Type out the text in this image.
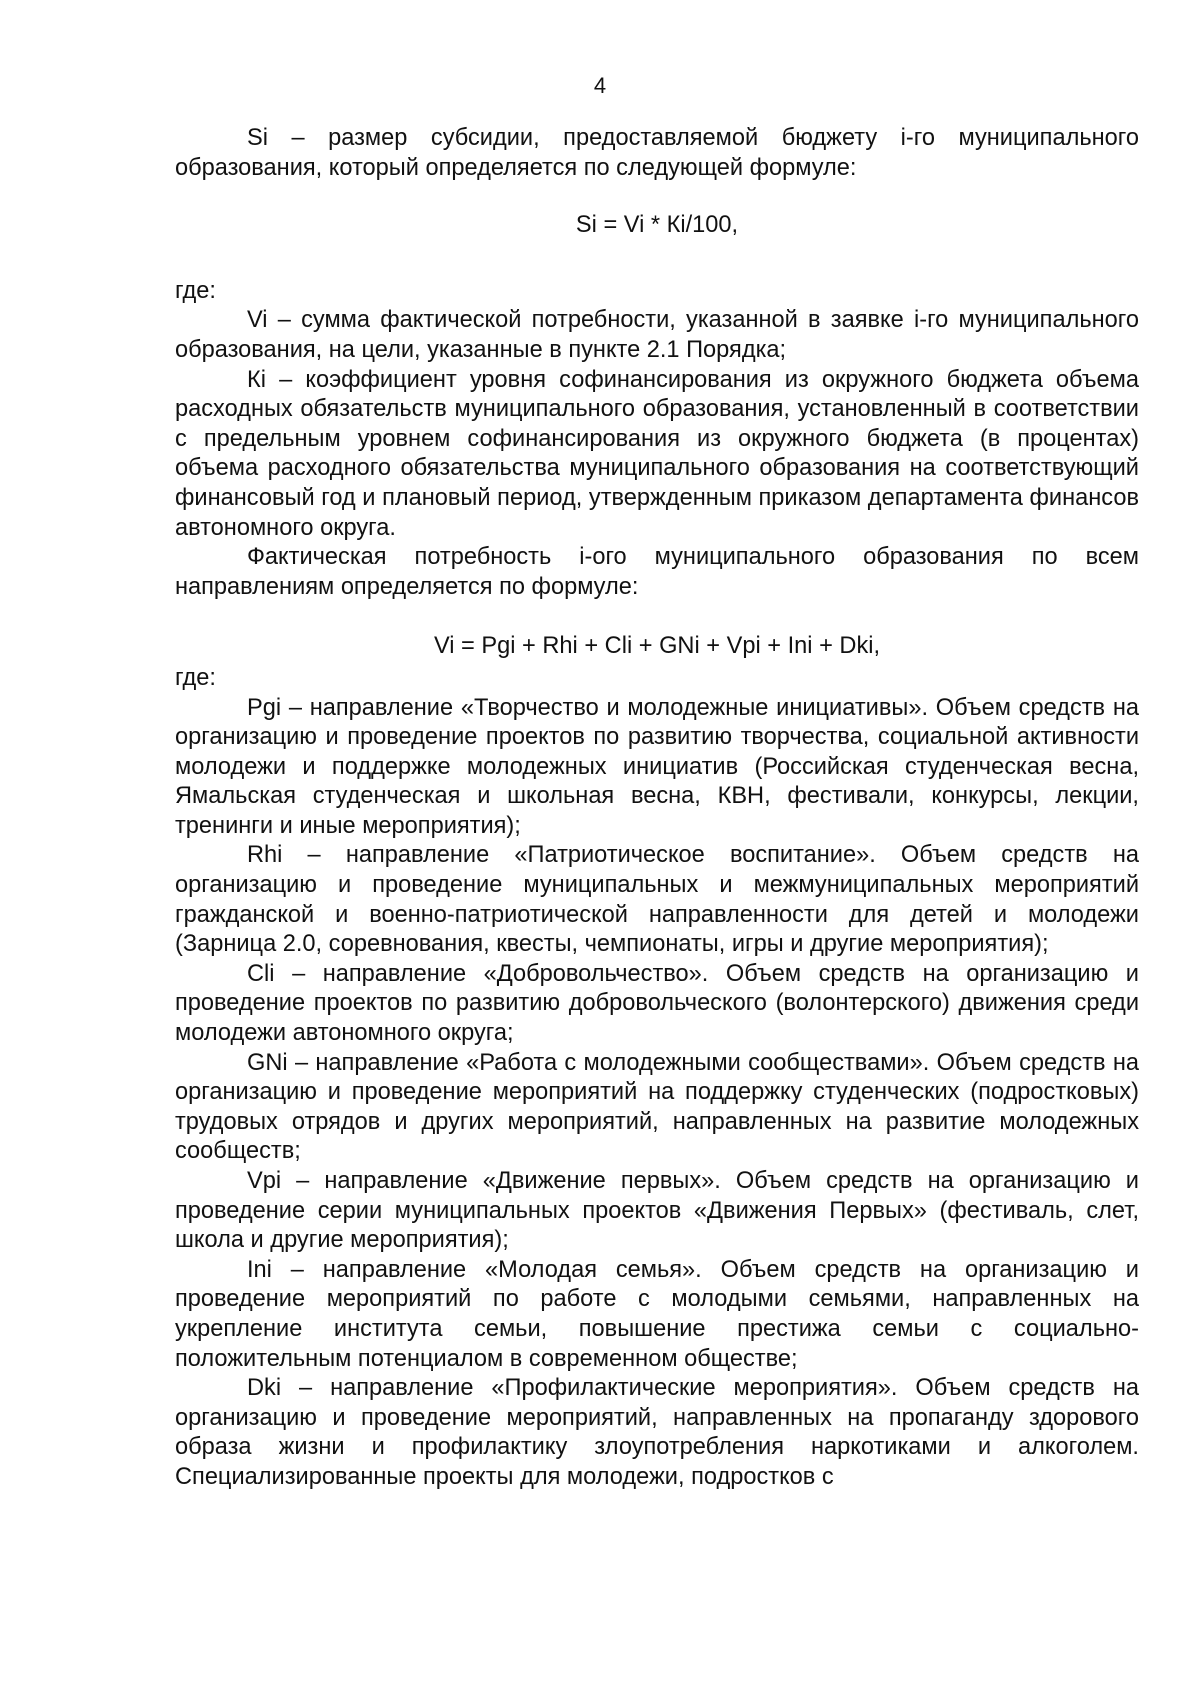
4

Si – размер субсидии, предоставляемой бюджету i-го муниципального образования, который определяется по следующей формуле:

Si = Vi * Кi/100,

где:

Vi – сумма фактической потребности, указанной в заявке i-го муниципального образования, на цели, указанные в пункте 2.1 Порядка;

Кi – коэффициент уровня софинансирования из окружного бюджета объема расходных обязательств муниципального образования, установленный в соответствии с предельным уровнем софинансирования из окружного бюджета (в процентах) объема расходного обязательства муниципального образования на соответствующий финансовый год и плановый период, утвержденным приказом департамента финансов автономного округа.

Фактическая потребность i-ого муниципального образования по всем направлениям определяется по формуле:

Vi = Pgi + Rhi + Cli + GNi + Vpi + Ini + Dki,

где:

Pgi – направление «Творчество и молодежные инициативы». Объем средств на организацию и проведение проектов по развитию творчества, социальной активности молодежи и поддержке молодежных инициатив (Российская студенческая весна, Ямальская студенческая и школьная весна, КВН, фестивали, конкурсы, лекции, тренинги и иные мероприятия);

Rhi – направление «Патриотическое воспитание». Объем средств на организацию и проведение муниципальных и межмуниципальных мероприятий гражданской и военно-патриотической направленности для детей и молодежи (Зарница 2.0, соревнования, квесты, чемпионаты, игры и другие мероприятия);

Cli – направление «Добровольчество». Объем средств на организацию и проведение проектов по развитию добровольческого (волонтерского) движения среди молодежи автономного округа;

GNi – направление «Работа с молодежными сообществами». Объем средств на организацию и проведение мероприятий на поддержку студенческих (подростковых) трудовых отрядов и других мероприятий, направленных на развитие молодежных сообществ;

Vpi – направление «Движение первых». Объем средств на организацию и проведение серии муниципальных проектов «Движения Первых» (фестиваль, слет, школа и другие мероприятия);

Ini – направление «Молодая семья». Объем средств на организацию и проведение мероприятий по работе с молодыми семьями, направленных на укрепление института семьи, повышение престижа семьи с социально-положительным потенциалом в современном обществе;

Dki – направление «Профилактические мероприятия». Объем средств на организацию и проведение мероприятий, направленных на пропаганду здорового образа жизни и профилактику злоупотребления наркотиками и алкоголем. Специализированные проекты для молодежи, подростков с
